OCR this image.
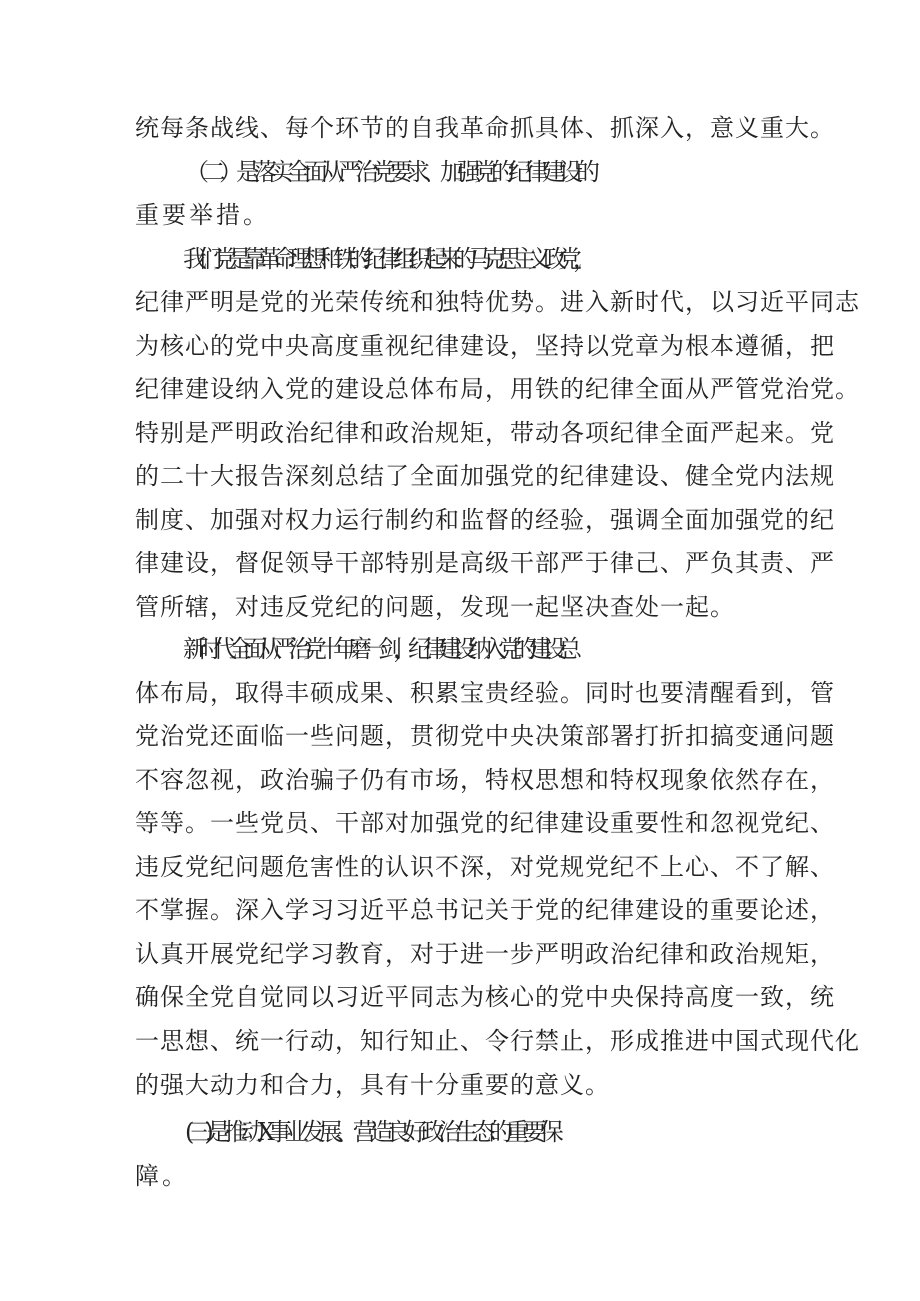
统每条战线、每个环节的自我革命抓具体、抓深入，意义重大。
（二）是落实全面从严治党要求、加强党的纪律建设的
重要举措。
我们党是靠革命理想和铁的纪律组织起来的马克思主义政党，
纪律严明是党的光荣传统和独特优势。进入新时代，以习近平同志
为核心的党中央高度重视纪律建设，坚持以党章为根本遵循，把
纪律建设纳入党的建设总体布局，用铁的纪律全面从严管党治党。
特别是严明政治纪律和政治规矩，带动各项纪律全面严起来。党
的二十大报告深刻总结了全面加强党的纪律建设、健全党内法规
制度、加强对权力运行制约和监督的经验，强调全面加强党的纪
律建设，督促领导干部特别是高级干部严于律己、严负其责、严
管所辖，对违反党纪的问题，发现一起坚决查处一起。
新时代全面从严治党十年磨一剑，纪律建设纳入党的建设总
体布局，取得丰硕成果、积累宝贵经验。同时也要清醒看到，管
党治党还面临一些问题，贯彻党中央决策部署打折扣搞变通问题
不容忽视，政治骗子仍有市场，特权思想和特权现象依然存在，
等等。一些党员、干部对加强党的纪律建设重要性和忽视党纪、
违反党纪问题危害性的认识不深，对党规党纪不上心、不了解、
不掌握。深入学习习近平总书记关于党的纪律建设的重要论述，
认真开展党纪学习教育，对于进一步严明政治纪律和政治规矩，
确保全党自觉同以习近平同志为核心的党中央保持高度一致，统
一思想、统一行动，知行知止、令行禁止，形成推进中国式现代化
的强大动力和合力，具有十分重要的意义。
(三)是推动X事业发展、营造良好政治生态的重要保
障。
